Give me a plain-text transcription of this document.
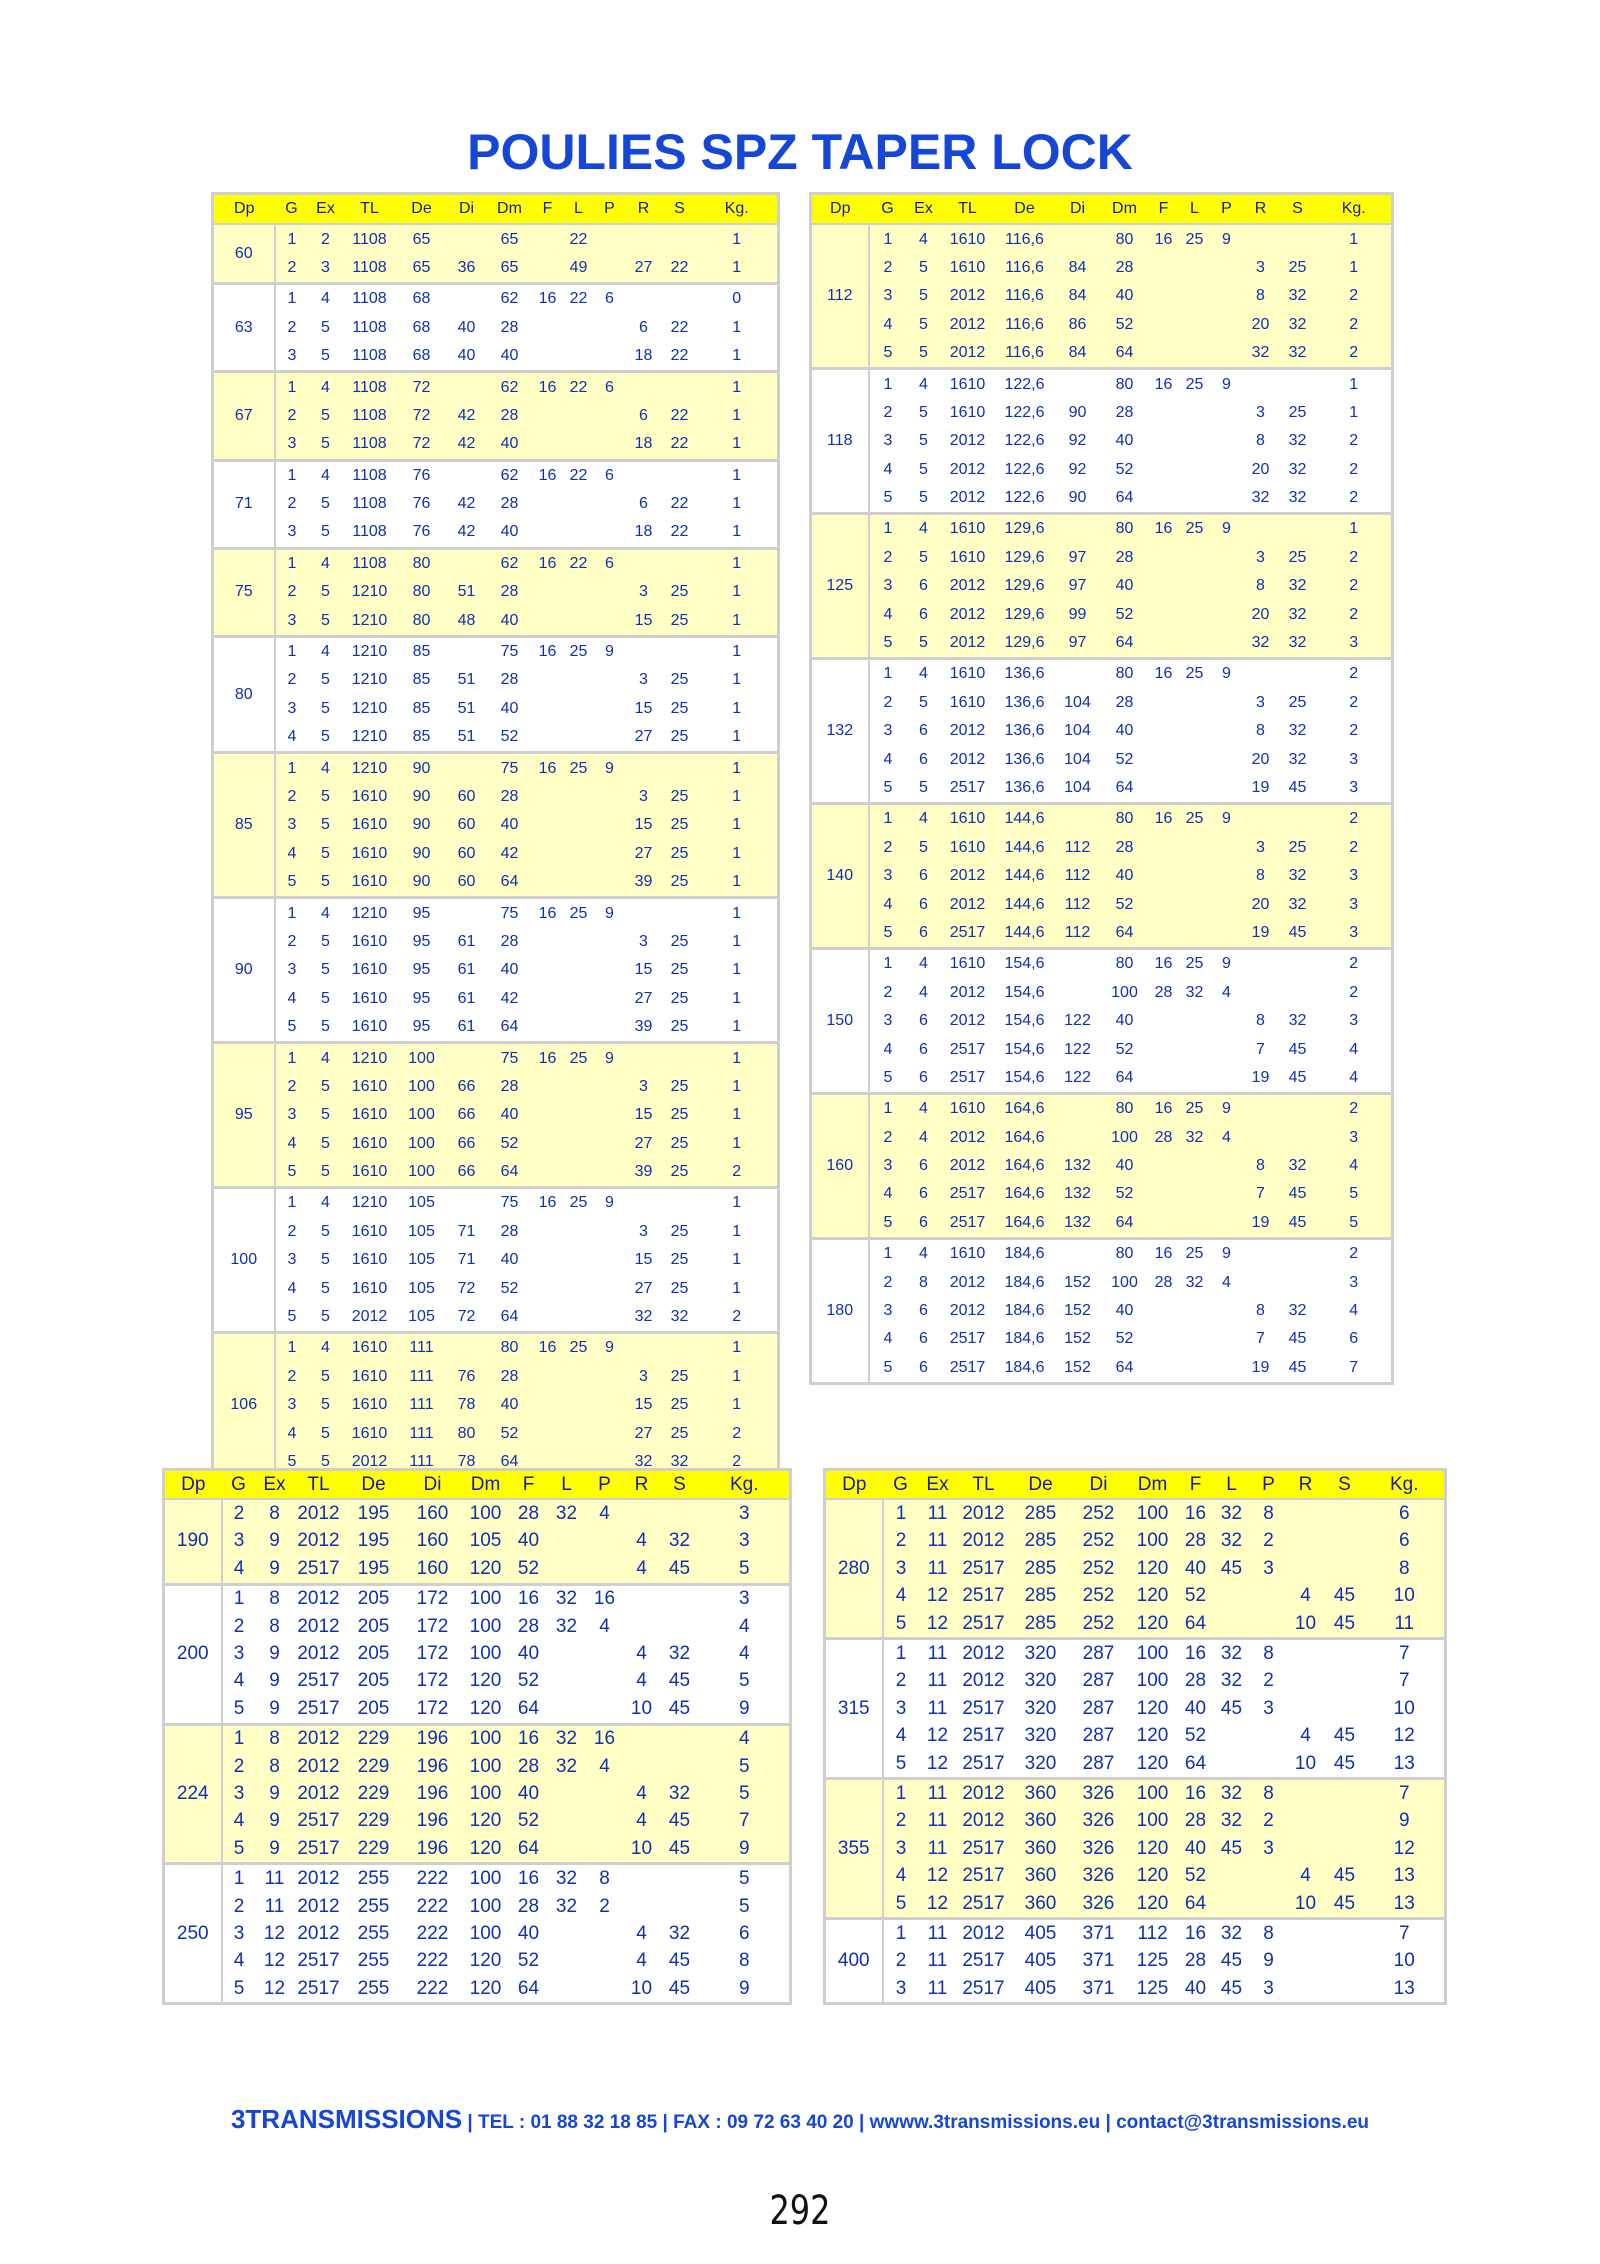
POULIES SPZ TAPER LOCK
Dp	G	Ex	TL	De	Di	Dm	F	L	P	R	S	Kg.
60	1	2	1108	65		65		22				1
	2	3	1108	65	36	65		49		27	22	1
63	1	4	1108	68		62	16	22	6			0
	2	5	1108	68	40	28				6	22	1
	3	5	1108	68	40	40				18	22	1
67	1	4	1108	72		62	16	22	6			1
	2	5	1108	72	42	28				6	22	1
	3	5	1108	72	42	40				18	22	1
71	1	4	1108	76		62	16	22	6			1
	2	5	1108	76	42	28				6	22	1
	3	5	1108	76	42	40				18	22	1
75	1	4	1108	80		62	16	22	6			1
	2	5	1210	80	51	28				3	25	1
	3	5	1210	80	48	40				15	25	1
80	1	4	1210	85		75	16	25	9			1
	2	5	1210	85	51	28				3	25	1
	3	5	1210	85	51	40				15	25	1
	4	5	1210	85	51	52				27	25	1
85	1	4	1210	90		75	16	25	9			1
	2	5	1610	90	60	28				3	25	1
	3	5	1610	90	60	40				15	25	1
	4	5	1610	90	60	42				27	25	1
	5	5	1610	90	60	64				39	25	1
90	1	4	1210	95		75	16	25	9			1
	2	5	1610	95	61	28				3	25	1
	3	5	1610	95	61	40				15	25	1
	4	5	1610	95	61	42				27	25	1
	5	5	1610	95	61	64				39	25	1
95	1	4	1210	100		75	16	25	9			1
	2	5	1610	100	66	28				3	25	1
	3	5	1610	100	66	40				15	25	1
	4	5	1610	100	66	52				27	25	1
	5	5	1610	100	66	64				39	25	2
100	1	4	1210	105		75	16	25	9			1
	2	5	1610	105	71	28				3	25	1
	3	5	1610	105	71	40				15	25	1
	4	5	1610	105	72	52				27	25	1
	5	5	2012	105	72	64				32	32	2
106	1	4	1610	111		80	16	25	9			1
	2	5	1610	111	76	28				3	25	1
	3	5	1610	111	78	40				15	25	1
	4	5	1610	111	80	52				27	25	2
	5	5	2012	111	78	64				32	32	2
Dp	G	Ex	TL	De	Di	Dm	F	L	P	R	S	Kg.
112	1	4	1610	116,6		80	16	25	9			1
	2	5	1610	116,6	84	28				3	25	1
	3	5	2012	116,6	84	40				8	32	2
	4	5	2012	116,6	86	52				20	32	2
	5	5	2012	116,6	84	64				32	32	2
118	1	4	1610	122,6		80	16	25	9			1
	2	5	1610	122,6	90	28				3	25	1
	3	5	2012	122,6	92	40				8	32	2
	4	5	2012	122,6	92	52				20	32	2
	5	5	2012	122,6	90	64				32	32	2
125	1	4	1610	129,6		80	16	25	9			1
	2	5	1610	129,6	97	28				3	25	2
	3	6	2012	129,6	97	40				8	32	2
	4	6	2012	129,6	99	52				20	32	2
	5	5	2012	129,6	97	64				32	32	3
132	1	4	1610	136,6		80	16	25	9			2
	2	5	1610	136,6	104	28				3	25	2
	3	6	2012	136,6	104	40				8	32	2
	4	6	2012	136,6	104	52				20	32	3
	5	5	2517	136,6	104	64				19	45	3
140	1	4	1610	144,6		80	16	25	9			2
	2	5	1610	144,6	112	28				3	25	2
	3	6	2012	144,6	112	40				8	32	3
	4	6	2012	144,6	112	52				20	32	3
	5	6	2517	144,6	112	64				19	45	3
150	1	4	1610	154,6		80	16	25	9			2
	2	4	2012	154,6		100	28	32	4			2
	3	6	2012	154,6	122	40				8	32	3
	4	6	2517	154,6	122	52				7	45	4
	5	6	2517	154,6	122	64				19	45	4
160	1	4	1610	164,6		80	16	25	9			2
	2	4	2012	164,6		100	28	32	4			3
	3	6	2012	164,6	132	40				8	32	4
	4	6	2517	164,6	132	52				7	45	5
	5	6	2517	164,6	132	64				19	45	5
180	1	4	1610	184,6		80	16	25	9			2
	2	8	2012	184,6	152	100	28	32	4			3
	3	6	2012	184,6	152	40				8	32	4
	4	6	2517	184,6	152	52				7	45	6
	5	6	2517	184,6	152	64				19	45	7
Dp	G	Ex	TL	De	Di	Dm	F	L	P	R	S	Kg.
190	2	8	2012	195	160	100	28	32	4			3
	3	9	2012	195	160	105	40			4	32	3
	4	9	2517	195	160	120	52			4	45	5
200	1	8	2012	205	172	100	16	32	16			3
	2	8	2012	205	172	100	28	32	4			4
	3	9	2012	205	172	100	40			4	32	4
	4	9	2517	205	172	120	52			4	45	5
	5	9	2517	205	172	120	64			10	45	9
224	1	8	2012	229	196	100	16	32	16			4
	2	8	2012	229	196	100	28	32	4			5
	3	9	2012	229	196	100	40			4	32	5
	4	9	2517	229	196	120	52			4	45	7
	5	9	2517	229	196	120	64			10	45	9
250	1	11	2012	255	222	100	16	32	8			5
	2	11	2012	255	222	100	28	32	2			5
	3	12	2012	255	222	100	40			4	32	6
	4	12	2517	255	222	120	52			4	45	8
	5	12	2517	255	222	120	64			10	45	9
Dp	G	Ex	TL	De	Di	Dm	F	L	P	R	S	Kg.
280	1	11	2012	285	252	100	16	32	8			6
	2	11	2012	285	252	100	28	32	2			6
	3	11	2517	285	252	120	40	45	3			8
	4	12	2517	285	252	120	52			4	45	10
	5	12	2517	285	252	120	64			10	45	11
315	1	11	2012	320	287	100	16	32	8			7
	2	11	2012	320	287	100	28	32	2			7
	3	11	2517	320	287	120	40	45	3			10
	4	12	2517	320	287	120	52			4	45	12
	5	12	2517	320	287	120	64			10	45	13
355	1	11	2012	360	326	100	16	32	8			7
	2	11	2012	360	326	100	28	32	2			9
	3	11	2517	360	326	120	40	45	3			12
	4	12	2517	360	326	120	52			4	45	13
	5	12	2517	360	326	120	64			10	45	13
400	1	11	2012	405	371	112	16	32	8			7
	2	11	2517	405	371	125	28	45	9			10
	3	11	2517	405	371	125	40	45	3			13
3TRANSMISSIONS | TEL : 01 88 32 18 85 | FAX : 09 72 63 40 20 | wwww.3transmissions.eu | contact@3transmissions.eu
292
